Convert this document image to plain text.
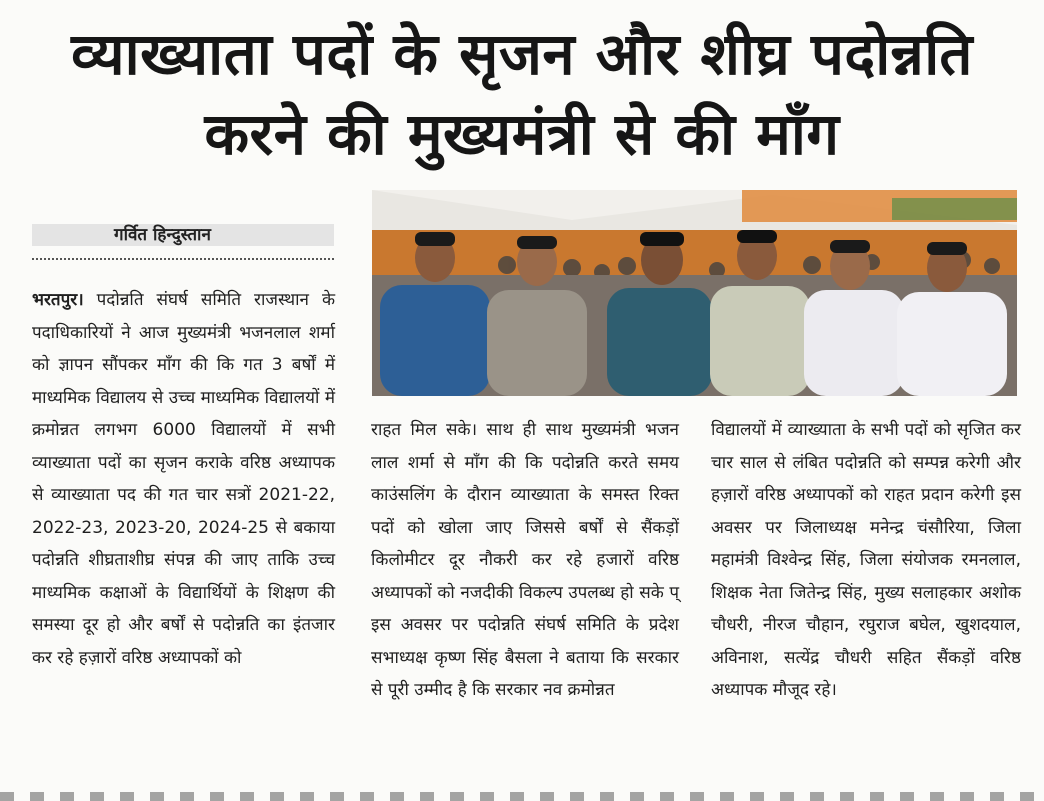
व्याख्याता पदों के सृजन और शीघ्र पदोन्नति
करने की मुख्यमंत्री से की माँग
गर्वित हिन्दुस्तान

भरतपुर। पदोन्नति संघर्ष समिति राजस्थान के पदाधिकारियों ने आज मुख्यमंत्री भजनलाल शर्मा को ज्ञापन सौंपकर माँग की कि गत 3 बर्षों में माध्यमिक विद्यालय से उच्च माध्यमिक विद्यालयों में क्रमोन्नत लगभग 6000 विद्यालयों में सभी व्याख्याता पदों का सृजन कराके वरिष्ठ अध्यापक से व्याख्याता पद की गत चार सत्रों 2021-22, 2022-23, 2023-20, 2024-25 से बकाया पदोन्नति शीघ्रताशीघ्र संपन्न की जाए ताकि उच्च माध्यमिक कक्षाओं के विद्यार्थियों के शिक्षण की समस्या दूर हो और बर्षों से पदोन्नति का इंतजार कर रहे हज़ारों वरिष्ठ अध्यापकों को

राहत मिल सके। साथ ही साथ मुख्यमंत्री भजन लाल शर्मा से माँग की कि पदोन्नति करते समय काउंसलिंग के दौरान व्याख्याता के समस्त रिक्त पदों को खोला जाए जिससे बर्षों से सैंकड़ों किलोमीटर दूर नौकरी कर रहे हजारों वरिष्ठ अध्यापकों को नजदीकी विकल्प उपलब्ध हो सके प् इस अवसर पर पदोन्नति संघर्ष समिति के प्रदेश सभाध्यक्ष कृष्ण सिंह बैसला ने बताया कि सरकार से पूरी उम्मीद है कि सरकार नव क्रमोन्नत

विद्यालयों में व्याख्याता के सभी पदों को सृजित कर चार साल से लंबित पदोन्नति को सम्पन्न करेगी और हज़ारों वरिष्ठ अध्यापकों को राहत प्रदान करेगी इस अवसर पर जिलाध्यक्ष मनेन्द्र चंसौरिया, जिला महामंत्री विश्वेन्द्र सिंह, जिला संयोजक रमनलाल, शिक्षक नेता जितेन्द्र सिंह, मुख्य सलाहकार अशोक चौधरी, नीरज चौहान, रघुराज बघेल, खुशदयाल, अविनाश, सत्येंद्र चौधरी सहित सैंकड़ों वरिष्ठ अध्यापक मौजूद रहे।
